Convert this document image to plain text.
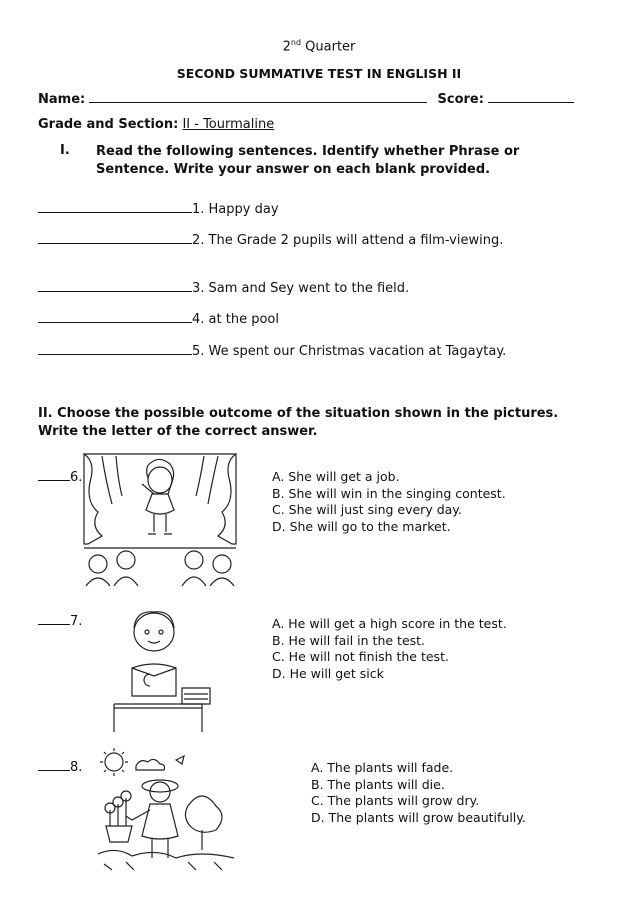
2nd Quarter
SECOND SUMMATIVE TEST IN ENGLISH II
Name:	Score:
Grade and Section: II - Tourmaline
I. Read the following sentences. Identify whether Phrase or Sentence. Write your answer on each blank provided.
1. Happy day
2. The Grade 2 pupils will attend a film-viewing.
3. Sam and Sey went to the field.
4. at the pool
5. We spent our Christmas vacation at Tagaytay.
II. Choose the possible outcome of the situation shown in the pictures. Write the letter of the correct answer.
6.	A. She will get a job.
B. She will win in the singing contest.
C. She will just sing every day.
D. She will go to the market.
7.	A. He will get a high score in the test.
B. He will fail in the test.
C. He will not finish the test.
D. He will get sick
8.	A. The plants will fade.
B. The plants will die.
C. The plants will grow dry.
D. The plants will grow beautifully.
